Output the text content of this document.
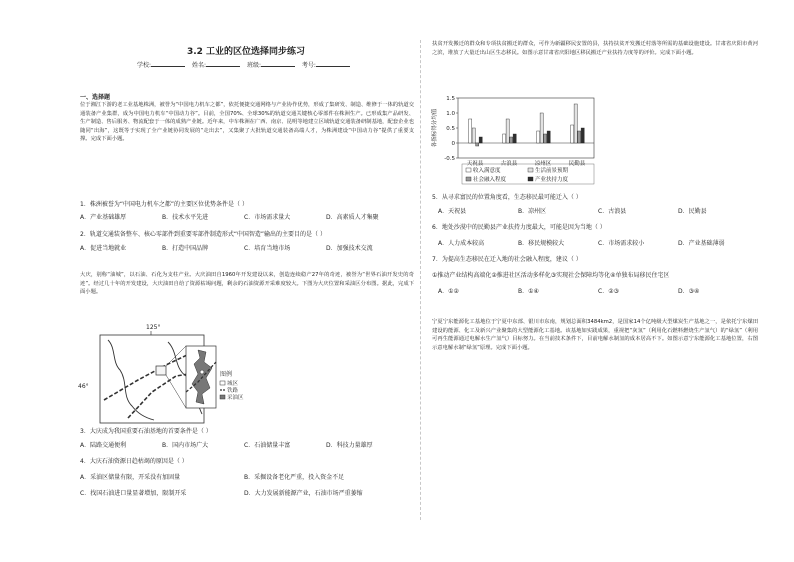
3.2 工业的区位选择同步练习
学校:	姓名:	班级:	考号:
一、选择题
位于湘江下游的老工业基地株洲，被誉为“中国电力机车之都”，依托便捷交通网络与产业协作优势，形成了集研发、制造、维修于一体的轨道交通装备产业集群，成为中国电力机车“中国动力谷”。目前，全国70%、全球30%的轨道交通关键核心零部件在株洲生产。已形成集产品研发、生产制造、售后服务、物流配套于一体的成熟产业链。近年来，中车株洲在广西、南京、昆明等地建立区域轨道交通装备研制基地，配套企业也随同“出海”，这既等于实现了全产业链协同发展的“走出去”，又集聚了大批轨道交通装备高端人才，为株洲建设“中国动力谷”提供了重要支撑。完成下面小题。
1．株洲被誉为“中国电力机车之都”的主要区位优势条件是（ ）
A．产业基础雄厚	B．技术水平先进	C．市场需求量大	D．高素质人才集聚
2．轨道交通装备整车、核心零部件到重要零部件制造形式“中国智造”输出的主要目的是（ ）
A．促进当地就业	B．打造中国品牌	C．培育当地市场	D．加强技术交流
大庆，别称“油城”，以石油、石化为支柱产业。大庆油田自1960年开发建设以来，创造连续稳产27年的奇迹，被誉为“世界石油开发史的奇迹”。经过几十年的开发建设，大庆油田自给了资源枯竭问题，剩余的石油资源开采难度较大。下图为大庆位置和采油区分布图。据此，完成下面小题。
125°
46°
图例
城区
铁路
采油区
3．大庆成为我国重要石油基地的首要条件是（ ）
A．陆路交通便利	B．国内市场广大	C．石油储量丰富	D．科技力量雄厚
4．大庆石油资源日趋枯竭的原因是（ ）
A．采油区储量有限，开采没有加固量	B．采掘设备老化严重，投入资金不足
C．找国石油进口量显著增加，限制开采	D．大力发展新能源产业，石油市场严重萎缩
扶贫开发搬迁的群众和专项扶贫搬迁的群众，可作为新疆移民安置的县，扶持扶贫开发搬迁村落等所需的基础设施建设。甘肃省庆阳市黄河之滨，堆放了大量迁出山区生态移民。如图示意甘肃省庆阳地区移民搬迁产业扶持力度等的评价。完成下面小题。
1.5
1.0
0.5
0
-0.5
各指标得分均值
天祝县	古浪县	凉州区	民勤县
收入满意度	生活前景预期
社会融入程度	产业扶持力度
5．从寻求富民的位置角度看，生态移民最可能迁入（ ）
A．天祝县	B．凉州区	C．古浪县	D．民勤县
6．地处沙漠中的民勤县产业扶持力度最大，可能是因为当地（ ）
A．人力成本较高	B．移民规模较大	C．市场需求较小	D．产业基础薄弱
7．为提高生态移民在迁入地的社会融入程度，建议（ ）
①推动产业结构高端化②推进社区活动多样化③实现社会保障均等化④单独布局移民住宅区
A．①②	B．①④	C．②③	D．③④
宁夏宁东能源化工基地位于宁夏中东部、银川市东南，规划总面积3484km2，是国家14个亿吨级大型煤炭生产基地之一，是依托宁东煤田建设的能源、化工及新兴产业聚集的大型能源化工基地。该基地如实践成果，重视把“灰氢”（利用化石燃料燃烧生产氢气）的“绿氢”（利用可再生能源通过电解水生产氢气）目标努力。在当前技术条件下，目前电解水制氢的成本居高不下。如图示意宁东能源化工基地位置，右图示意电解水制“绿氢”原理。完成下面小题。
